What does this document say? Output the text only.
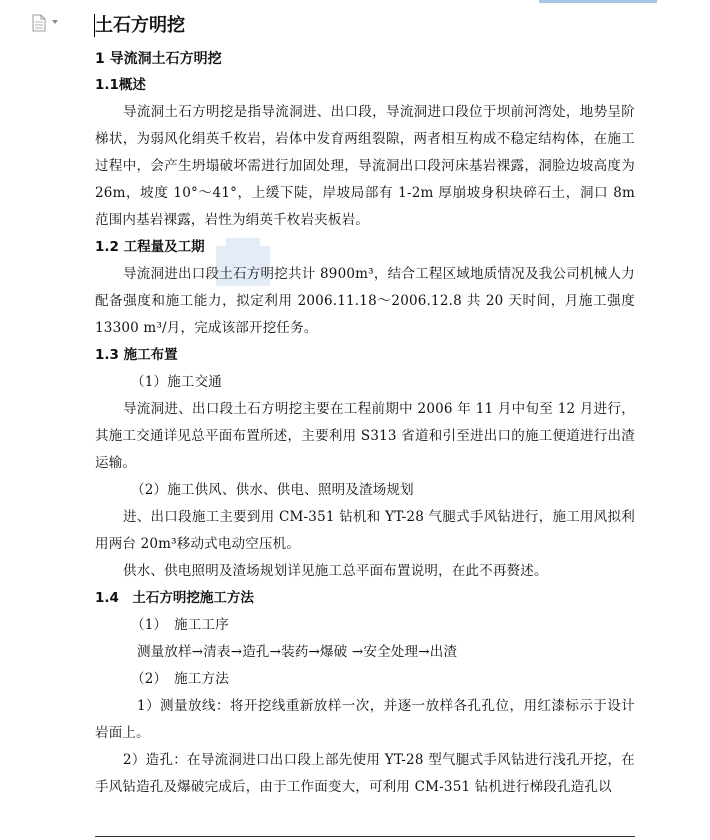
土石方明挖
1 导流洞土石方明挖
1.1概述
导流洞土石方明挖是指导流洞进、出口段，导流洞进口段位于坝前河湾处，地势呈阶梯状，为弱风化绢英千枚岩，岩体中发育两组裂隙，两者相互构成不稳定结构体，在施工过程中，会产生坍塌破坏需进行加固处理，导流洞出口段河床基岩裸露，洞脸边坡高度为 26m，坡度 10°～41°，上缓下陡，岸坡局部有 1-2m 厚崩坡身积块碎石土，洞口 8m 范围内基岩裸露，岩性为绢英千枚岩夹板岩。
1.2 工程量及工期
导流洞进出口段土石方明挖共计 8900m³，结合工程区域地质情况及我公司机械人力配备强度和施工能力，拟定利用 2006.11.18～2006.12.8 共 20 天时间，月施工强度 13300 m³/月，完成该部开挖任务。
1.3 施工布置
（1）施工交通
导流洞进、出口段土石方明挖主要在工程前期中 2006 年 11 月中旬至 12 月进行，其施工交通详见总平面布置所述，主要利用 S313 省道和引至进出口的施工便道进行出渣运输。
（2）施工供风、供水、供电、照明及渣场规划
进、出口段施工主要到用 CM-351 钻机和 YT-28 气腿式手风钻进行，施工用风拟利用两台 20m³移动式电动空压机。
供水、供电照明及渣场规划详见施工总平面布置说明，在此不再赘述。
1.4　土石方明挖施工方法
（1）　施工工序
测量放样→清表→造孔→装药→爆破 →安全处理→出渣
（2）　施工方法
1）测量放线：将开挖线重新放样一次，并逐一放样各孔孔位，用红漆标示于设计岩面上。
2）造孔：在导流洞进口出口段上部先使用 YT-28 型气腿式手风钻进行浅孔开挖，在手风钻造孔及爆破完成后，由于工作面变大，可利用 CM-351 钻机进行梯段孔造孔以
